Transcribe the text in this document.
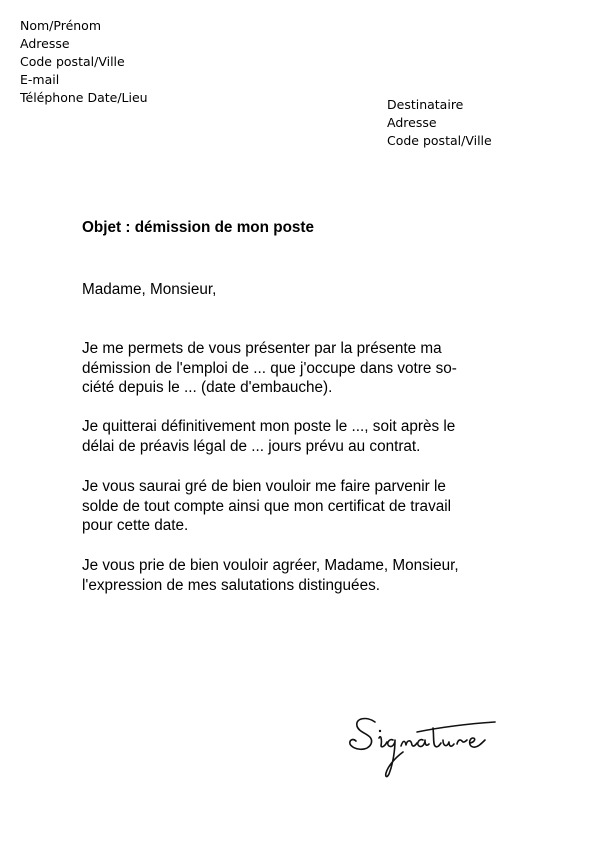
Nom/Prénom
Adresse
Code postal/Ville
E-mail
Téléphone Date/Lieu	Destinataire
Adresse
Code postal/Ville
Objet : démission de mon poste
Madame, Monsieur,
Je me permets de vous présenter par la présente ma
démission de l'emploi de ... que j'occupe dans votre so-
ciété depuis le ... (date d'embauche).
Je quitterai définitivement mon poste le ..., soit après le
délai de préavis légal de ... jours prévu au contrat.
Je vous saurai gré de bien vouloir me faire parvenir le
solde de tout compte ainsi que mon certificat de travail
pour cette date.
Je vous prie de bien vouloir agréer, Madame, Monsieur,
l'expression de mes salutations distinguées.
